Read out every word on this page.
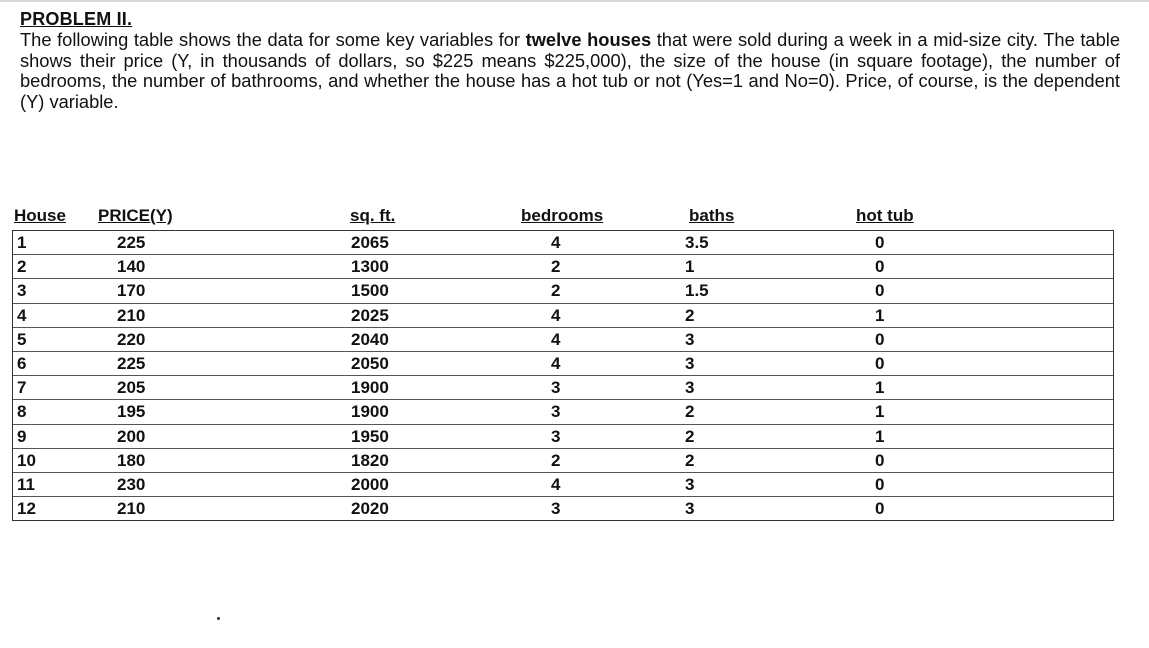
PROBLEM II.

The following table shows the data for some key variables for twelve houses that were sold during a week in a mid-size city. The table shows their price (Y, in thousands of dollars, so $225 means $225,000), the size of the house (in square footage), the number of bedrooms, the number of bathrooms, and whether the house has a hot tub or not (Yes=1 and No=0). Price, of course, is the dependent (Y) variable.

House PRICE(Y)	sq. ft.	bedrooms	baths	hot tub
1	225	2065	4	3.5	0
2	140	1300	2	1	0
3	170	1500	2	1.5	0
4	210	2025	4	2	1
5	220	2040	4	3	0
6	225	2050	4	3	0
7	205	1900	3	3	1
8	195	1900	3	2	1
9	200	1950	3	2	1
10	180	1820	2	2	0
11	230	2000	4	3	0
12	210	2020	3	3	0
